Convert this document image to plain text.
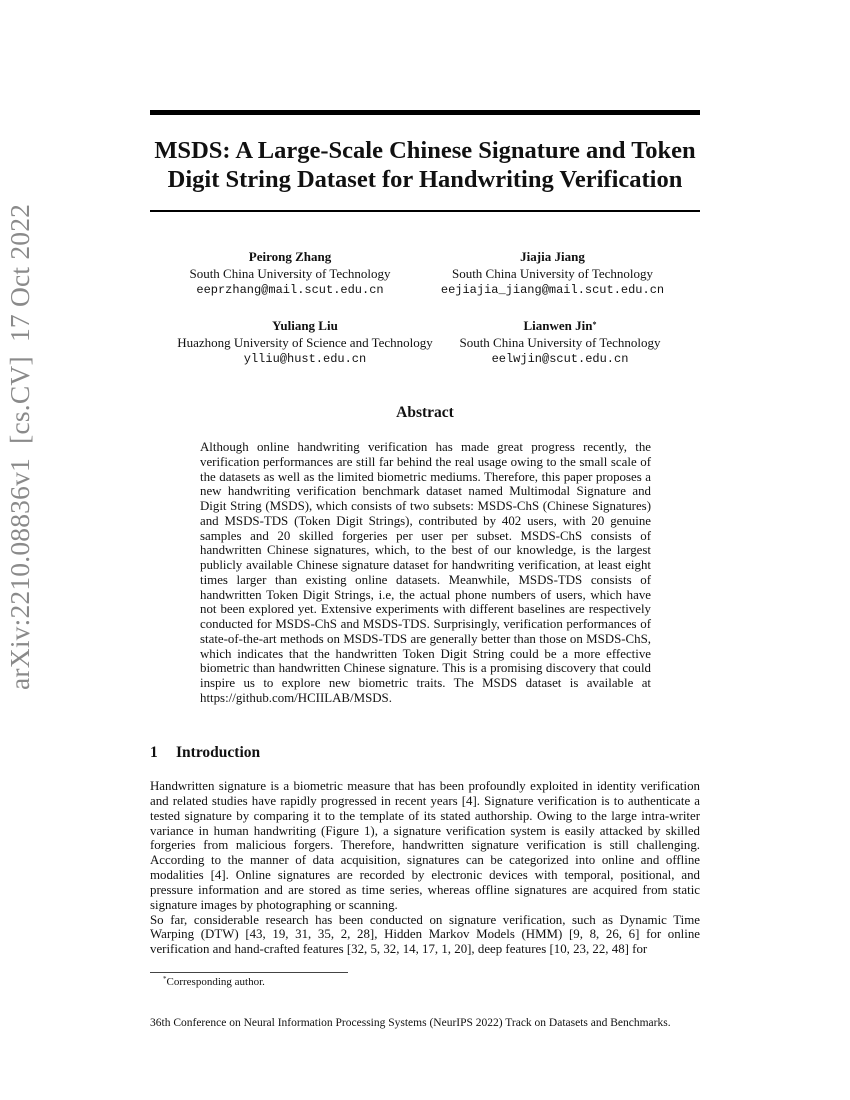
arXiv:2210.08836v1  [cs.CV]  17 Oct 2022
MSDS: A Large-Scale Chinese Signature and Token
Digit String Dataset for Handwriting Verification
Peirong Zhang
South China University of Technology
eeprzhang@mail.scut.edu.cn
Jiajia Jiang
South China University of Technology
eejiajia_jiang@mail.scut.edu.cn
Yuliang Liu
Huazhong University of Science and Technology
ylliu@hust.edu.cn
Lianwen Jin*
South China University of Technology
eelwjin@scut.edu.cn
Abstract
Although online handwriting verification has made great progress recently, the verification performances are still far behind the real usage owing to the small scale of the datasets as well as the limited biometric mediums. Therefore, this paper proposes a new handwriting verification benchmark dataset named Multimodal Signature and Digit String (MSDS), which consists of two subsets: MSDS-ChS (Chinese Signatures) and MSDS-TDS (Token Digit Strings), contributed by 402 users, with 20 genuine samples and 20 skilled forgeries per user per subset. MSDS-ChS consists of handwritten Chinese signatures, which, to the best of our knowledge, is the largest publicly available Chinese signature dataset for handwriting verification, at least eight times larger than existing online datasets. Meanwhile, MSDS-TDS consists of handwritten Token Digit Strings, i.e, the actual phone numbers of users, which have not been explored yet. Extensive experiments with different baselines are respectively conducted for MSDS-ChS and MSDS-TDS. Surprisingly, verification performances of state-of-the-art methods on MSDS-TDS are generally better than those on MSDS-ChS, which indicates that the handwritten Token Digit String could be a more effective biometric than handwritten Chinese signature. This is a promising discovery that could inspire us to explore new biometric traits. The MSDS dataset is available at https://github.com/HCIILAB/MSDS.
1 Introduction

Handwritten signature is a biometric measure that has been profoundly exploited in identity verification and related studies have rapidly progressed in recent years [4]. Signature verification is to authenticate a tested signature by comparing it to the template of its stated authorship. Owing to the large intra-writer variance in human handwriting (Figure 1), a signature verification system is easily attacked by skilled forgeries from malicious forgers. Therefore, handwritten signature verification is still challenging. According to the manner of data acquisition, signatures can be categorized into online and offline modalities [4]. Online signatures are recorded by electronic devices with temporal, positional, and pressure information and are stored as time series, whereas offline signatures are acquired from static signature images by photographing or scanning.

So far, considerable research has been conducted on signature verification, such as Dynamic Time Warping (DTW) [43, 19, 31, 35, 2, 28], Hidden Markov Models (HMM) [9, 8, 26, 6] for online verification and hand-crafted features [32, 5, 32, 14, 17, 1, 20], deep features [10, 23, 22, 48] for

*Corresponding author.
36th Conference on Neural Information Processing Systems (NeurIPS 2022) Track on Datasets and Benchmarks.
